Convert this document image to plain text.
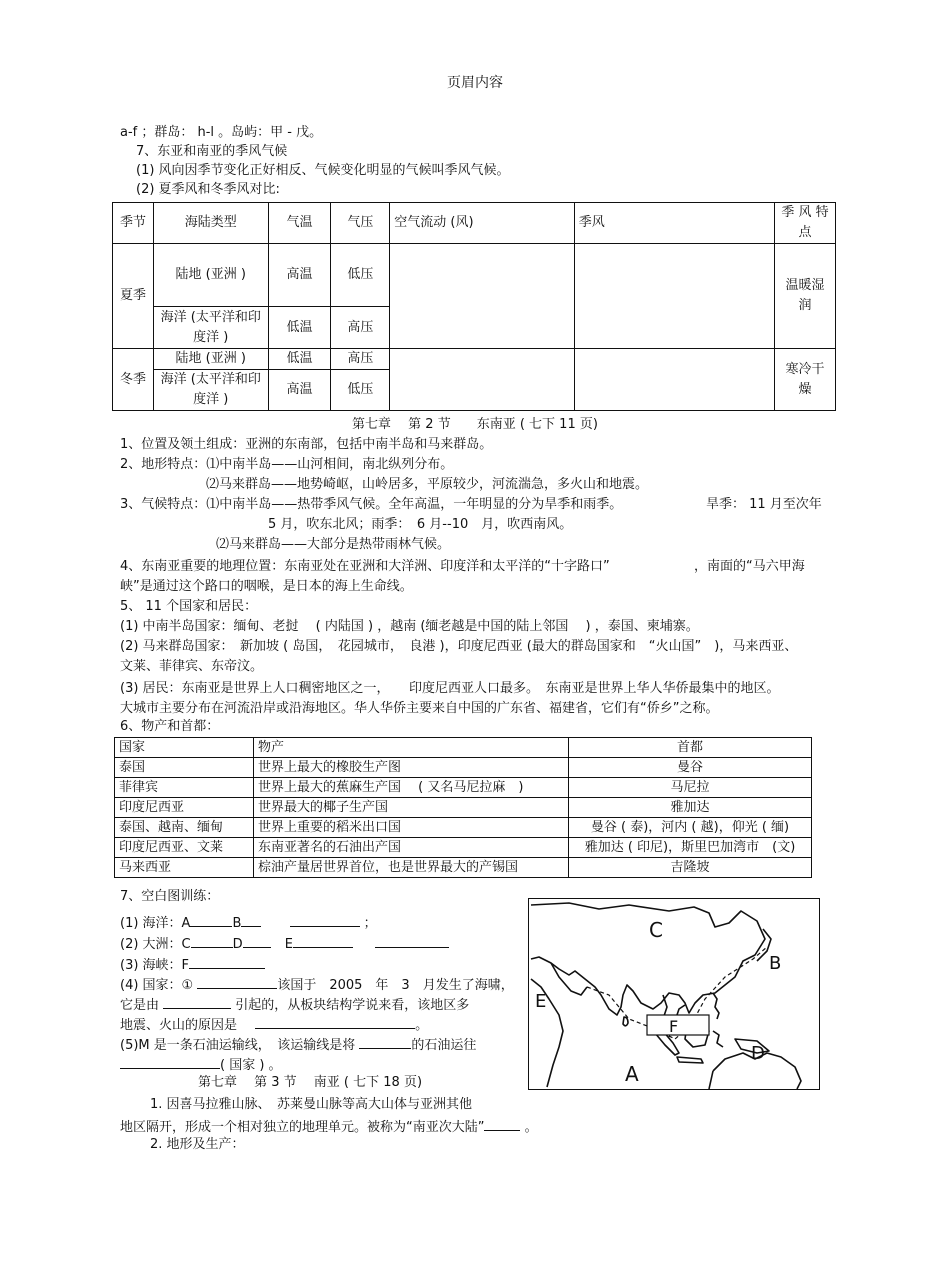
页眉内容
a-f ；群岛： h-l 。岛屿：甲 - 戊。
7、东亚和南亚的季风气候
(1) 风向因季节变化正好相反、气候变化明显的气候叫季风气候。
(2) 夏季风和冬季风对比:
季节	海陆类型	气温	气压	空气流动 (风)	季风	季 风 特点
夏季	陆地 (亚洲 )	高温	低压			温暖湿润
	海洋 (太平洋和印度洋 )	低温	高压			
冬季	陆地 (亚洲 )	低温	高压			寒冷干燥
	海洋 (太平洋和印度洋 )	高温	低压			
第七章　 第 2 节　　东南亚 ( 七下 11 页)
1、位置及领土组成：亚洲的东南部，包括中南半岛和马来群岛。
2、地形特点：⑴中南半岛——山河相间，南北纵列分布。
⑵马来群岛——地势崎岖，山岭居多，平原较少，河流湍急，多火山和地震。
3、气候特点：⑴中南半岛——热带季风气候。全年高温，一年明显的分为旱季和雨季。	旱季： 11 月至次年
5 月，吹东北风；雨季：　6 月--10　月，吹西南风。
⑵马来群岛——大部分是热带雨林气候。
4、东南亚重要的地理位置：东南亚处在亚洲和大洋洲、印度洋和太平洋的“十字路口”	，南面的“马六甲海
峡”是通过这个路口的咽喉，是日本的海上生命线。
5、 11 个国家和居民：
(1) 中南半岛国家：缅甸、老挝　 ( 内陆国 ) ，越南 (缅老越是中国的陆上邻国　 ) ，泰国、柬埔寨。
(2) 马来群岛国家：　新加坡 ( 岛国，　花园城市，　良港 )，印度尼西亚 (最大的群岛国家和　“火山国”　)，马来西亚、
文莱、菲律宾、东帝汶。
(3) 居民：东南亚是世界上人口稠密地区之一，　　印度尼西亚人口最多。　东南亚是世界上华人华侨最集中的地区。
大城市主要分布在河流沿岸或沿海地区。华人华侨主要来自中国的广东省、福建省，它们有“侨乡”之称。
6、物产和首都：
国家	物产	首都
泰国	世界上最大的橡胶生产图	曼谷
菲律宾	世界上最大的蕉麻生产国　 ( 又名马尼拉麻　)	马尼拉
印度尼西亚	世界最大的椰子生产国	雅加达
泰国、越南、缅甸	世界上重要的稻米出口国	曼谷 ( 泰)，河内 ( 越)，仰光 ( 缅)
印度尼西亚、文莱	东南亚著名的石油出产国	雅加达 ( 印尼)，斯里巴加湾市　(文)
马来西亚	棕油产量居世界首位，也是世界最大的产锡国	吉隆坡
7、空白图训练：
(1) 海洋：A	B	；
(2) 大洲：C	D	E
(3) 海峡：F
(4) 国家：①	该国于　2005　年　3　月发生了海啸，
它是由	引起的，从板块结构学说来看，该地区多
地震、火山的原因是	。
(5)M 是一条石油运输线，　该运输线是将	的石油运往
( 国家 ) 。
C
B
E
F
D
A
第七章　 第 3 节　 南亚 ( 七下 18 页)
1. 因喜马拉雅山脉、　苏莱曼山脉等高大山体与亚洲其他
地区隔开，形成一个相对独立的地理单元。被称为“南亚次大陆”	。
2. 地形及生产：
